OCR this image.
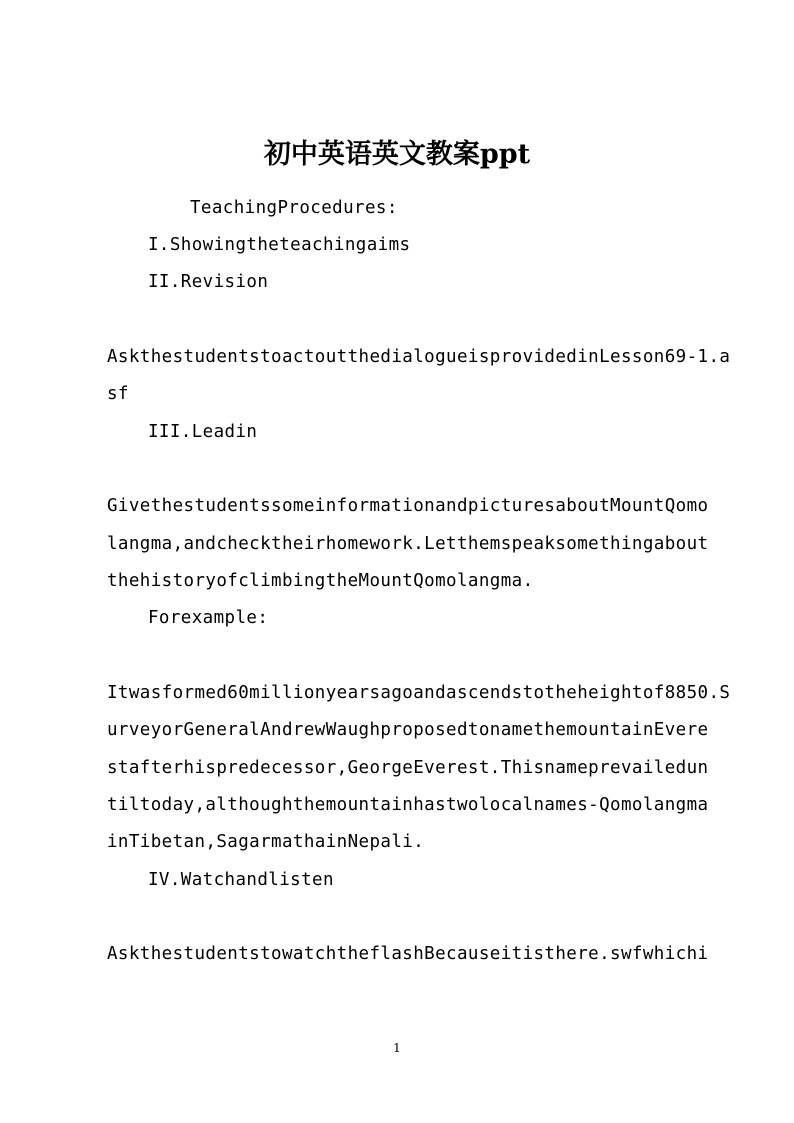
初中英语英文教案ppt
TeachingProcedures:
I.Showingtheteachingaims
II.Revision
AskthestudentstoactoutthedialogueisprovidedinLesson69-1.a
sf
III.Leadin
GivethestudentssomeinformationandpicturesaboutMountQomo
langma,andchecktheirhomework.Letthemspeaksomethingabout
thehistoryofclimbingtheMountQomolangma.
Forexample:
Itwasformed60millionyearsagoandascendstotheheightof8850.S
urveyorGeneralAndrewWaughproposedtonamethemountainEvere
stafterhispredecessor,GeorgeEverest.Thisnameprevailedun
tiltoday,althoughthemountainhastwolocalnames-Qomolangma
inTibetan,SagarmathainNepali.
IV.Watchandlisten
AskthestudentstowatchtheflashBecauseitisthere.swfwhichi
1
